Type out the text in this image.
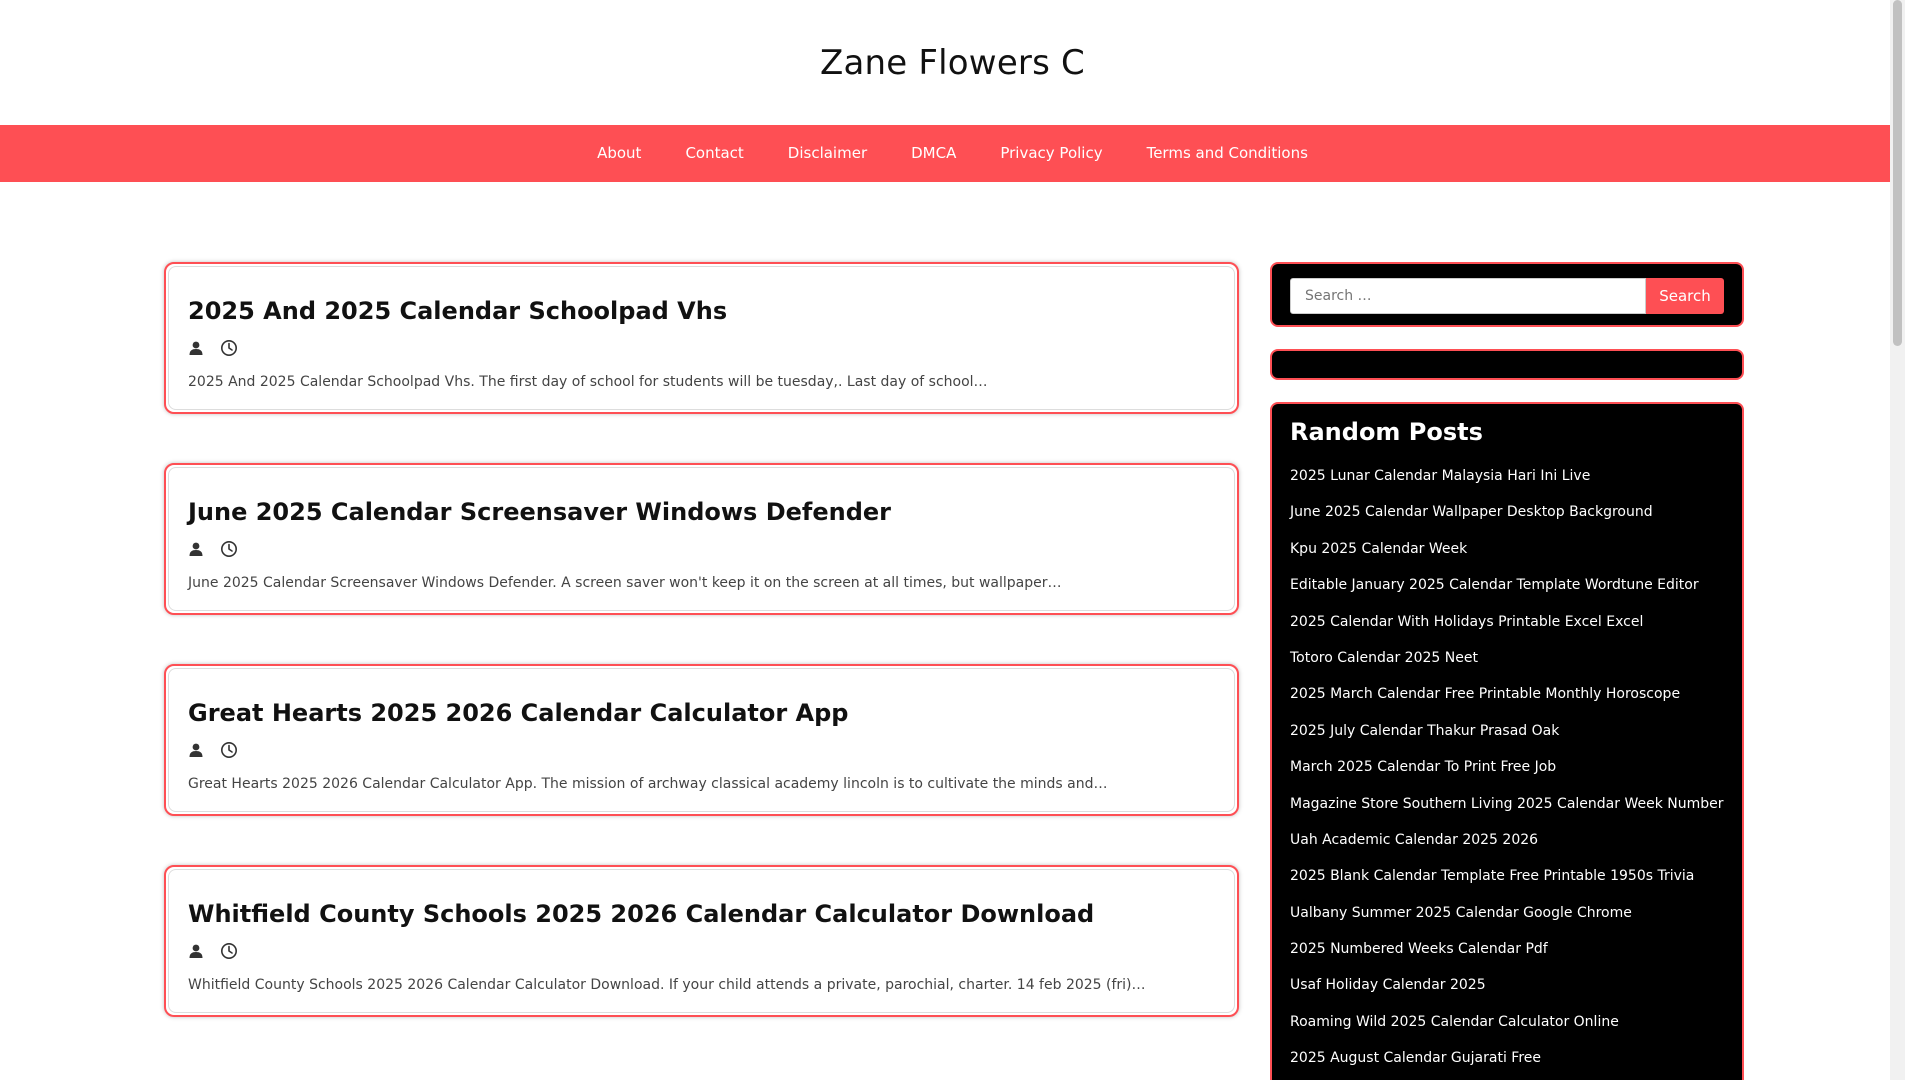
Zane Flowers C
About	Contact	Disclaimer	DMCA	Privacy Policy	Terms and Conditions
2025 And 2025 Calendar Schoolpad Vhs
2025 And 2025 Calendar Schoolpad Vhs. The first day of school for students will be tuesday,. Last day of school…
June 2025 Calendar Screensaver Windows Defender
June 2025 Calendar Screensaver Windows Defender. A screen saver won't keep it on the screen at all times, but wallpaper…
Great Hearts 2025 2026 Calendar Calculator App
Great Hearts 2025 2026 Calendar Calculator App. The mission of archway classical academy lincoln is to cultivate the minds and…
Whitfield County Schools 2025 2026 Calendar Calculator Download
Whitfield County Schools 2025 2026 Calendar Calculator Download. If your child attends a private, parochial, charter. 14 feb 2025 (fri)…
Search …
Search
Random Posts
2025 Lunar Calendar Malaysia Hari Ini Live
June 2025 Calendar Wallpaper Desktop Background
Kpu 2025 Calendar Week
Editable January 2025 Calendar Template Wordtune Editor
2025 Calendar With Holidays Printable Excel Excel
Totoro Calendar 2025 Neet
2025 March Calendar Free Printable Monthly Horoscope
2025 July Calendar Thakur Prasad Oak
March 2025 Calendar To Print Free Job
Magazine Store Southern Living 2025 Calendar Week Number
Uah Academic Calendar 2025 2026
2025 Blank Calendar Template Free Printable 1950s Trivia
Ualbany Summer 2025 Calendar Google Chrome
2025 Numbered Weeks Calendar Pdf
Usaf Holiday Calendar 2025
Roaming Wild 2025 Calendar Calculator Online
2025 August Calendar Gujarati Free
